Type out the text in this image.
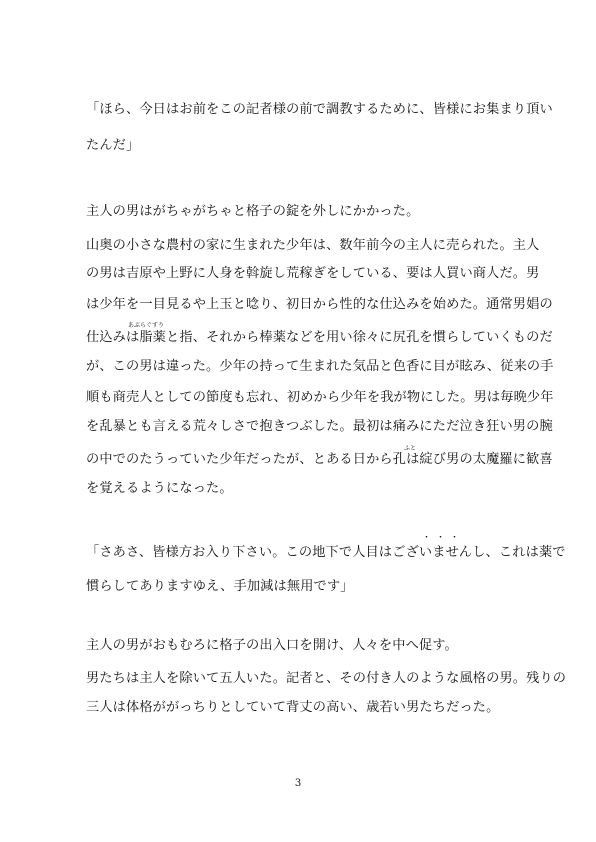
「ほら、今日はお前をこの記者様の前で調教するために、皆様にお集まり頂い
たんだ」
主人の男はがちゃがちゃと格子の錠を外しにかかった。
山奥の小さな農村の家に生まれた少年は、数年前今の主人に売られた。主人
の男は吉原や上野に人身を斡旋し荒稼ぎをしている、要は人買い商人だ。男
は少年を一目見るや上玉と唸り、初日から性的な仕込みを始めた。通常男娼の
あぶらぐすり
仕込みは脂薬と指、それから棒薬などを用い徐々に尻孔を慣らしていくものだ
が、この男は違った。少年の持って生まれた気品と色香に目が眩み、従来の手
順も商売人としての節度も忘れ、初めから少年を我が物にした。男は毎晩少年
を乱暴とも言える荒々しさで抱きつぶした。最初は痛みにただ泣き狂い男の腕
ふと
の中でのたうっていた少年だったが、とある日から孔は綻び男の太魔羅に歓喜
を覚えるようになった。
・・・
「さあさ、皆様方お入り下さい。この地下で人目はございませんし、これは薬で
慣らしてありますゆえ、手加減は無用です」
主人の男がおもむろに格子の出入口を開け、人々を中へ促す。
男たちは主人を除いて五人いた。記者と、その付き人のような風格の男。残りの
三人は体格ががっちりとしていて背丈の高い、歳若い男たちだった。
3
